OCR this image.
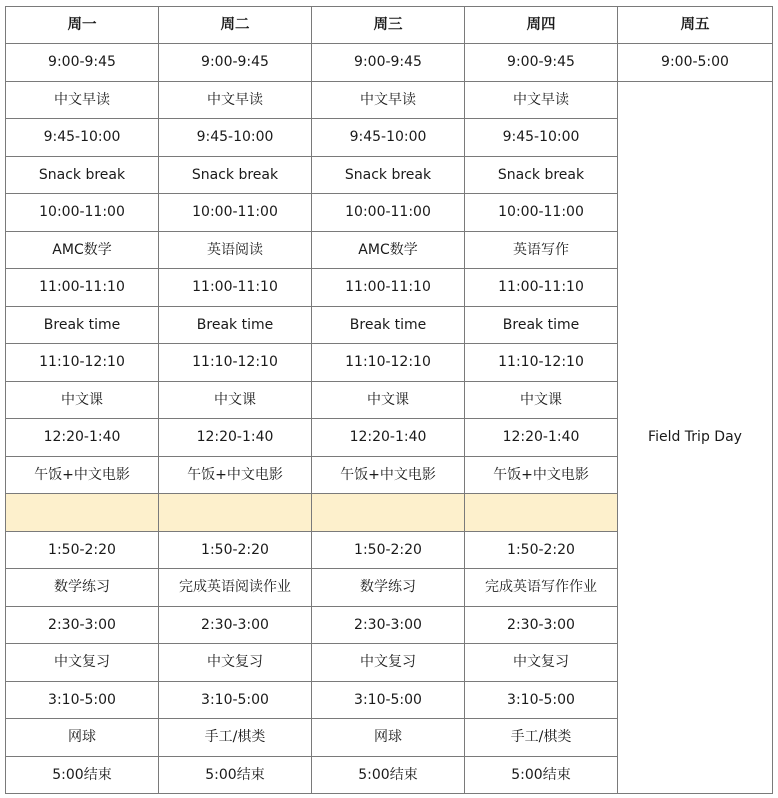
周一	周二	周三	周四	周五
9:00-9:45	9:00-9:45	9:00-9:45	9:00-9:45	9:00-5:00
中文早读	中文早读	中文早读	中文早读	Field Trip Day
9:45-10:00	9:45-10:00	9:45-10:00	9:45-10:00	
Snack break	Snack break	Snack break	Snack break	
10:00-11:00	10:00-11:00	10:00-11:00	10:00-11:00	
AMC数学	英语阅读	AMC数学	英语写作	
11:00-11:10	11:00-11:10	11:00-11:10	11:00-11:10	
Break time	Break time	Break time	Break time	
11:10-12:10	11:10-12:10	11:10-12:10	11:10-12:10	
中文课	中文课	中文课	中文课	
12:20-1:40	12:20-1:40	12:20-1:40	12:20-1:40	
午饭+中文电影	午饭+中文电影	午饭+中文电影	午饭+中文电影	

1:50-2:20	1:50-2:20	1:50-2:20	1:50-2:20	
数学练习	完成英语阅读作业	数学练习	完成英语写作作业	
2:30-3:00	2:30-3:00	2:30-3:00	2:30-3:00	
中文复习	中文复习	中文复习	中文复习	
3:10-5:00	3:10-5:00	3:10-5:00	3:10-5:00	
网球	手工/棋类	网球	手工/棋类	
5:00结束	5:00结束	5:00结束	5:00结束	
